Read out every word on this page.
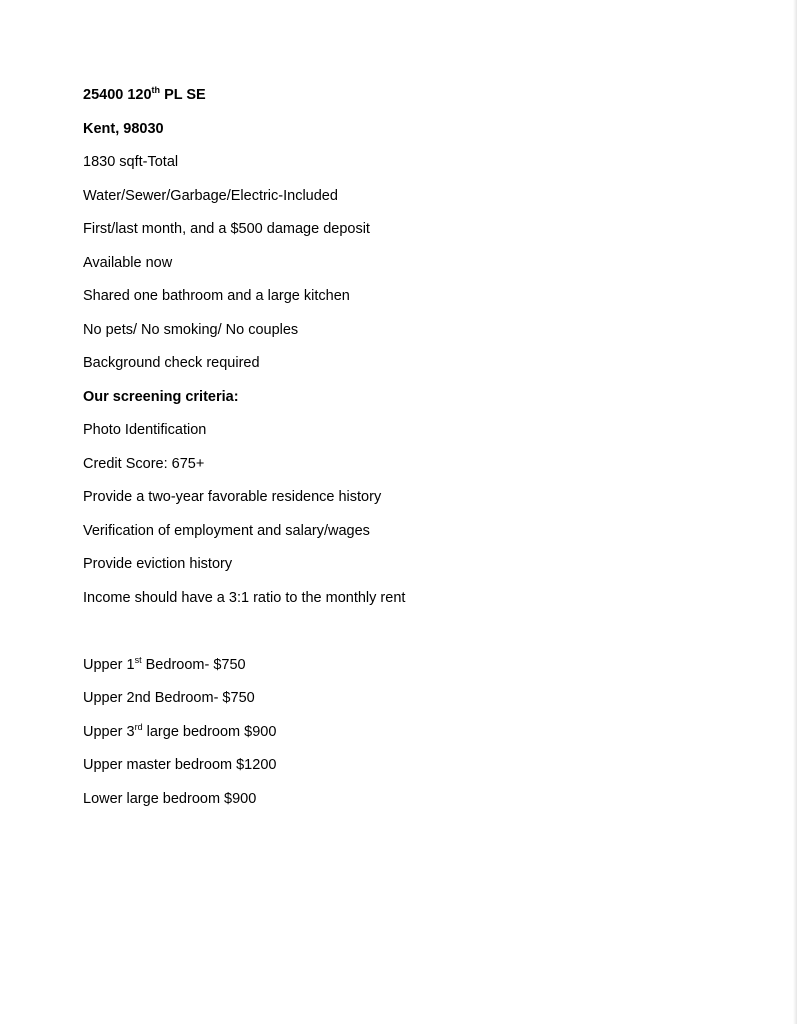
25400 120th PL SE
Kent, 98030
1830 sqft-Total
Water/Sewer/Garbage/Electric-Included
First/last month, and a $500 damage deposit
Available now
Shared one bathroom and a large kitchen
No pets/ No smoking/ No couples
Background check required
Our screening criteria:
Photo Identification
Credit Score: 675+
Provide a two-year favorable residence history
Verification of employment and salary/wages
Provide eviction history
Income should have a 3:1 ratio to the monthly rent
Upper 1st Bedroom- $750
Upper 2nd Bedroom- $750
Upper 3rd large bedroom $900
Upper master bedroom $1200
Lower large bedroom $900
